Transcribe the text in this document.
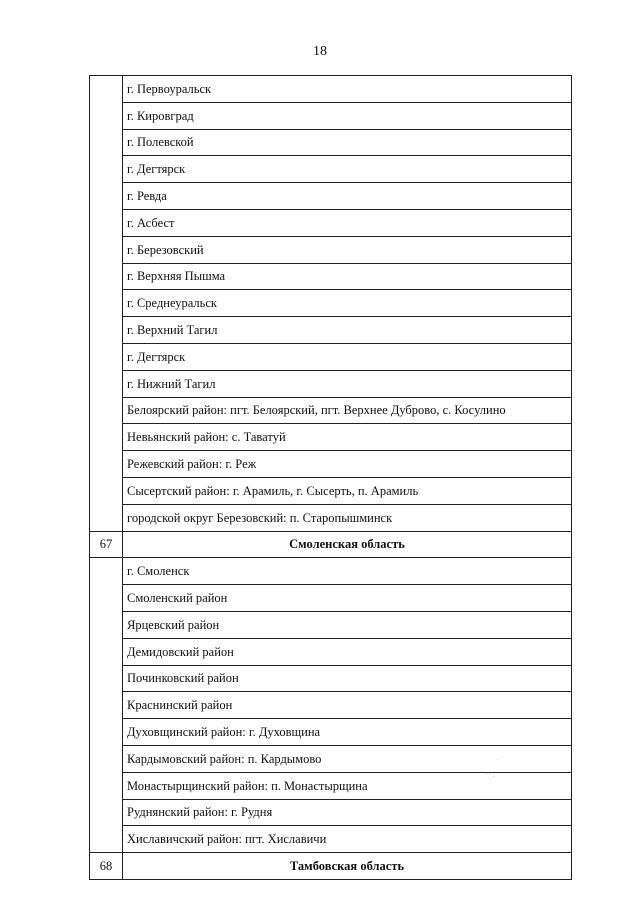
18
	г. Первоуральск
	г. Кировград
	г. Полевской
	г. Дегтярск
	г. Ревда
	г. Асбест
	г. Березовский
	г. Верхняя Пышма
	г. Среднеуральск
	г. Верхний Тагил
	г. Дегтярск
	г. Нижний Тагил
	Белоярский район: пгт. Белоярский, пгт. Верхнее Дуброво, с. Косулино
	Невьянский район: с. Таватуй
	Режевский район: г. Реж
	Сысертский район: г. Арамиль, г. Сысерть, п. Арамиль
	городской округ Березовский: п. Старопышминск
67	Смоленская область
	г. Смоленск
	Смоленский район
	Ярцевский район
	Демидовский район
	Починковский район
	Краснинский район
	Духовщинский район: г. Духовщина
	Кардымовский район: п. Кардымово
	Монастырщинский район: п. Монастырщина
	Руднянский район: г. Рудня
	Хиславичский район: пгт. Хиславичи
68	Тамбовская область
· ˙
· · ,
